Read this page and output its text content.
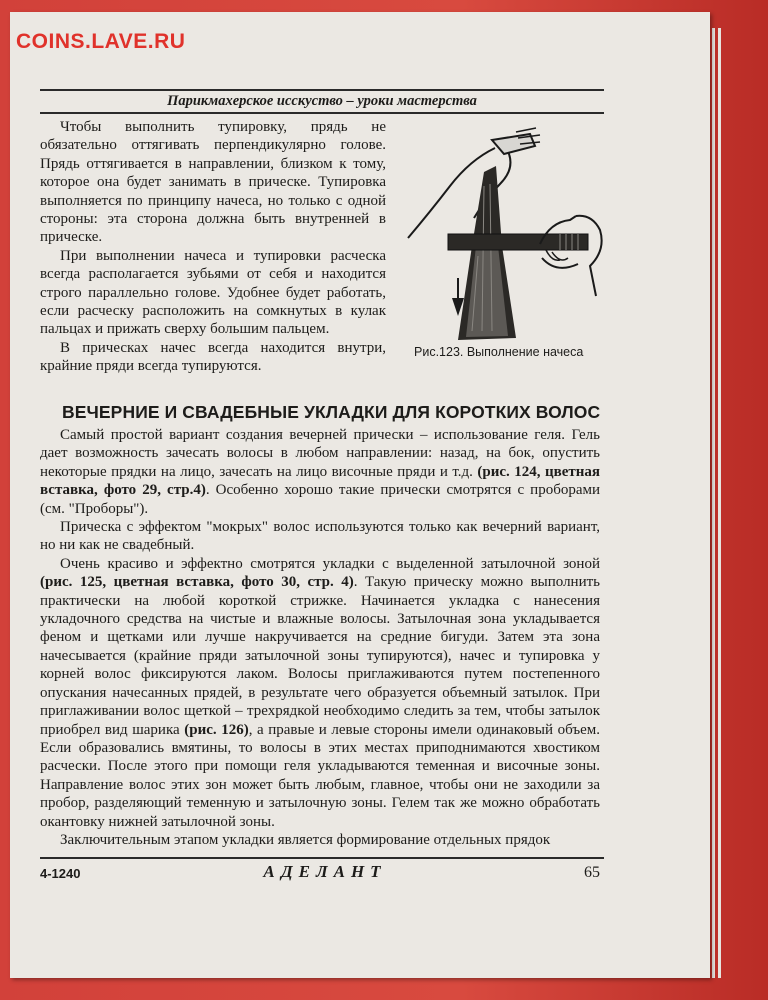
COINS.LAVE.RU
Парикмахерское исскуство – уроки мастерства

Чтобы выполнить тупировку, прядь не обязательно оттягивать перпендикулярно голове. Прядь оттягивается в направлении, близком к тому, которое она будет занимать в прическе. Тупировка выполняется по принципу начеса, но только с одной стороны: эта сторона должна быть внутренней в прическе.

При выполнении начеса и тупировки расческа всегда располагается зубьями от себя и находится строго параллельно голове. Удобнее будет работать, если расческу расположить на сомкнутых в кулак пальцах и прижать сверху большим пальцем.

В прическах начес всегда находится внутри, крайние пряди всегда тупируются.

Рис.123. Выполнение начеса
ВЕЧЕРНИЕ И СВАДЕБНЫЕ УКЛАДКИ ДЛЯ КОРОТКИХ ВОЛОС

Самый простой вариант создания вечерней прически – использование геля. Гель дает возможность зачесать волосы в любом направлении: назад, на бок, опустить некоторые прядки на лицо, зачесать на лицо височные пряди и т.д. (рис. 124, цветная вставка, фото 29, стр.4). Особенно хорошо такие прически смотрятся с проборами (см. "Проборы").

Прическа с эффектом "мокрых" волос используются только как вечерний вариант, но ни как не свадебный.

Очень красиво и эффектно смотрятся укладки с выделенной затылочной зоной (рис. 125, цветная вставка, фото 30, стр. 4). Такую прическу можно выполнить практически на любой короткой стрижке. Начинается укладка с нанесения укладочного средства на чистые и влажные волосы. Затылочная зона укладывается феном и щетками или лучше накручивается на средние бигуди. Затем эта зона начесывается (крайние пряди затылочной зоны тупируются), начес и тупировка у корней волос фиксируются лаком. Волосы приглаживаются путем постепенного опускания начесанных прядей, в результате чего образуется объемный затылок. При приглаживании волос щеткой – трехрядкой необходимо следить за тем, чтобы затылок приобрел вид шарика (рис. 126), а правые и левые стороны имели одинаковый объем. Если образовались вмятины, то волосы в этих местах приподнимаются хвостиком расчески. После этого при помощи геля укладываются теменная и височные зоны. Направление волос этих зон может быть любым, главное, чтобы они не заходили за пробор, разделяющий теменную и затылочную зоны. Гелем так же можно обработать окантовку нижней затылочной зоны.

Заключительным этапом укладки является формирование отдельных прядок

4-1240	АДЕЛАНТ	65
